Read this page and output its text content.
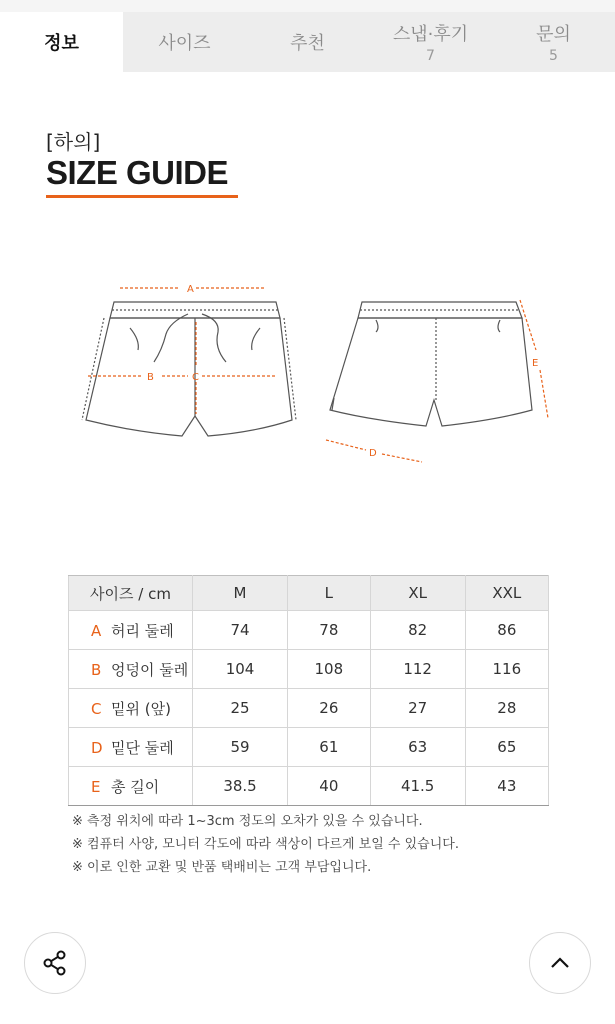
정보	사이즈	추천	스냅·후기
7
문의
5
[하의]
SIZE GUIDE
A
B	C
E
D
사이즈 / cm	M	L	XL	XXL
A 허리 둘레	74	78	82	86
B 엉덩이 둘레	104	108	112	116
C 밑위 (앞)	25	26	27	28
D 밑단 둘레	59	61	63	65
E 총 길이	38.5	40	41.5	43
※ 측정 위치에 따라 1~3cm 정도의 오차가 있을 수 있습니다.
※ 컴퓨터 사양, 모니터 각도에 따라 색상이 다르게 보일 수 있습니다.
※ 이로 인한 교환 및 반품 택배비는 고객 부담입니다.
